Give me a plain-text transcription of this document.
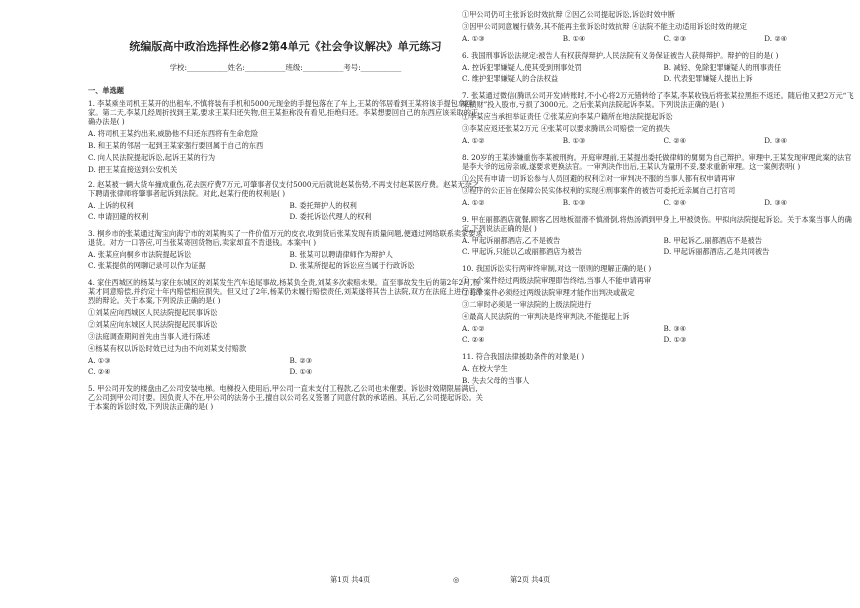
统编版高中政治选择性必修2第4单元《社会争议解决》单元练习
学校:___________姓名:___________班级:___________考号:___________
一、单选题
1. 李某乘坐司机王某开的出租车,不慎将装有手机和5000元现金的手提包落在了车上,王某的邻居看到王某将该手提包拿回家。第二天,李某几经周折找到王某,要求王某归还失物,但王某拒称没有看见,拒绝归还。李某想要回自己的东西应该采取的正确办法是( )
A. 将司机王某约出来,威胁他不归还东西将有生命危险
B. 和王某的邻居一起到王某家强行要回属于自己的东西
C. 向人民法院提起诉讼,起诉王某的行为
D. 把王某直接送到公安机关
2. 赵某被一辆大货车撞成重伤,花去医疗费7万元,可肇事者仅支付5000元后就说赵某伤势,不再支付赵某医疗费。赵某无奈之下聘请张律师将肇事者起诉到法院。对此,赵某行使的权利是( )
A. 上诉的权利	B. 委托辩护人的权利
C. 申请回避的权利	D. 委托诉讼代理人的权利
3. 桐乡市的张某通过淘宝向海宁市的刘某购买了一件价值万元的皮衣,收到货后张某发现有质量问题,便通过网络联系卖家要求退货。对方一口答应,可当张某寄回货物后,卖家却直不肯退钱。本案中( )
A. 张某应向桐乡市法院提起诉讼	B. 张某可以聘请律师作为辩护人
C. 张某提供的网聊记录可以作为证据	D. 张某所提起的诉讼应当属于行政诉讼
4. 家住西城区的杨某与家住东城区的刘某发生汽车追尾事故,杨某负全责,刘某多次索赔未果。直至事故发生后的第2年2月,杨某才同意赔偿,并约定十年内赔偿相应损失。但又过了2年,杨某仍未履行赔偿责任,刘某遂将其告上法院,双方在法庭上进行了激烈的辩论。关于本案,下列说法正确的是( )
①刘某应向西城区人民法院提起民事诉讼
②刘某应向东城区人民法院提起民事诉讼
③法庭调查期间首先由当事人进行陈述
④杨某有权以诉讼时效已过为由不向刘某支付赔款
A. ①③	B. ②③
C. ②④	D. ①④
5. 甲公司开发的楼盘由乙公司安装电梯。电梯投入使用后,甲公司一直未支付工程款,乙公司也未催要。诉讼时效期限届满后,乙公司到甲公司讨要。因负责人不在,甲公司的法务小王,擅自以公司名义签署了同意付款的承诺函。其后,乙公司提起诉讼。关于本案的诉讼时效,下列说法正确的是( )
①甲公司仍可主张诉讼时效抗辩 ②因乙公司提起诉讼,诉讼时效中断
③因甲公司同意履行债务,其不能再主张诉讼时效抗辩 ④法院不能主动适用诉讼时效的规定
A. ①③	B. ①④	C. ②③	D. ②④
6. 我国刑事诉讼法规定:被告人有权获得辩护,人民法院有义务保证被告人获得辩护。辩护的目的是( )
A. 控诉犯罪嫌疑人,使其受到刑事处罚	B. 减轻、免除犯罪嫌疑人的刑事责任
C. 维护犯罪嫌疑人的合法权益	D. 代表犯罪嫌疑人提出上诉
7. 张某通过微信(腾讯公司开发)转账时,不小心将2万元错转给了李某,李某收钱后将张某拉黑拒不返还。随后他又把2万元“飞来横财”投入股市,亏损了3000元。之后张某向法院起诉李某。下列说法正确的是( )
①李某应当承担举证责任 ②张某应向李某户籍所在地法院提起诉讼
③李某应返还张某2万元 ④张某可以要求腾讯公司赔偿一定的损失
A. ①②	B. ①③	C. ②④	D. ③④
8. 20岁的王某涉嫌重伤李某被刑拘。开庭审理前,王某提出委托做律师的舅舅为自己辩护。审理中,王某发现审理此案的法官是李大爷的远房亲戚,遂要求更换法官。一审判决作出后,王某认为量刑不妥,要求重新审理。这一案例表明( )
①公民有申请一切诉讼参与人员回避的权利②对一审判决不服的当事人都有权申请再审
③程序的公正旨在保障公民实体权利的实现④刑事案件的被告可委托近亲属自己打官司
A. ①②	B. ①③	C. ②④	D. ③④
9. 甲在丽都酒店就餐,顾客乙因地板湿滑不慎滑倒,将热汤洒到甲身上,甲被烫伤。甲拟向法院提起诉讼。关于本案当事人的确定,下列说法正确的是( )
A. 甲起诉丽都酒店,乙不是被告	B. 甲起诉乙,丽都酒店不是被告
C. 甲起诉,只能以乙或丽都酒店为被告	D. 甲起诉丽都酒店,乙是共同被告
10. 我国诉讼实行两审终审制,对这一原则的理解正确的是( )
①一个案件经过两级法院审理即告终结,当事人不能申请再审
②每个案件必须经过两级法院审理才能作出判决或裁定
③二审时必须是一审法院的上级法院进行
④最高人民法院的一审判决是终审判决,不能提起上诉
A. ①②	B. ③④
C. ②④	D. ①③
11. 符合我国法律援助条件的对象是( )
A. 在校大学生
B. 失去父母的当事人
第1页 共4页	◎	第2页 共4页
